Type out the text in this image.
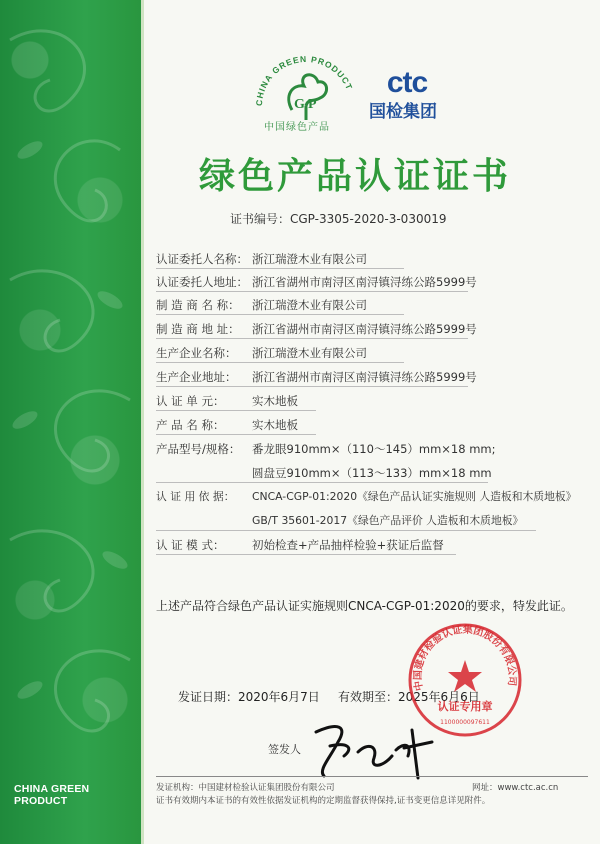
CHINA GREEN PRODUCT
CHINA GREEN PRODUCT
G P
中国绿色产品
ctc
国检集团
绿色产品认证证书
证书编号：CGP-3305-2020-3-030019
认证委托人名称： 浙江瑞澄木业有限公司
认证委托人地址： 浙江省湖州市南浔区南浔镇浔练公路5999号
制 造 商 名 称： 浙江瑞澄木业有限公司
制 造 商 地 址： 浙江省湖州市南浔区南浔镇浔练公路5999号
生产企业名称： 浙江瑞澄木业有限公司
生产企业地址： 浙江省湖州市南浔区南浔镇浔练公路5999号
认 证 单 元： 实木地板
产 品 名 称： 实木地板
产品型号/规格： 番龙眼910mm×（110～145）mm×18 mm;
圆盘豆910mm×（113～133）mm×18 mm
认 证 用 依 据： CNCA-CGP-01:2020《绿色产品认证实施规则 人造板和木质地板》
GB/T 35601-2017《绿色产品评价 人造板和木质地板》
认 证 模 式： 初始检查+产品抽样检验+获证后监督
上述产品符合绿色产品认证实施规则CNCA-CGP-01:2020的要求，特发此证。
发证日期：2020年6月7日 有效期至：2025年6月6日
中国建材检验认证集团股份有限公司
认证专用章
1100000097611
签发人
发证机构：中国建材检验认证集团股份有限公司	网址：www.ctc.ac.cn
证书有效期内本证书的有效性依据发证机构的定期监督获得保持,证书变更信息详见附件。
